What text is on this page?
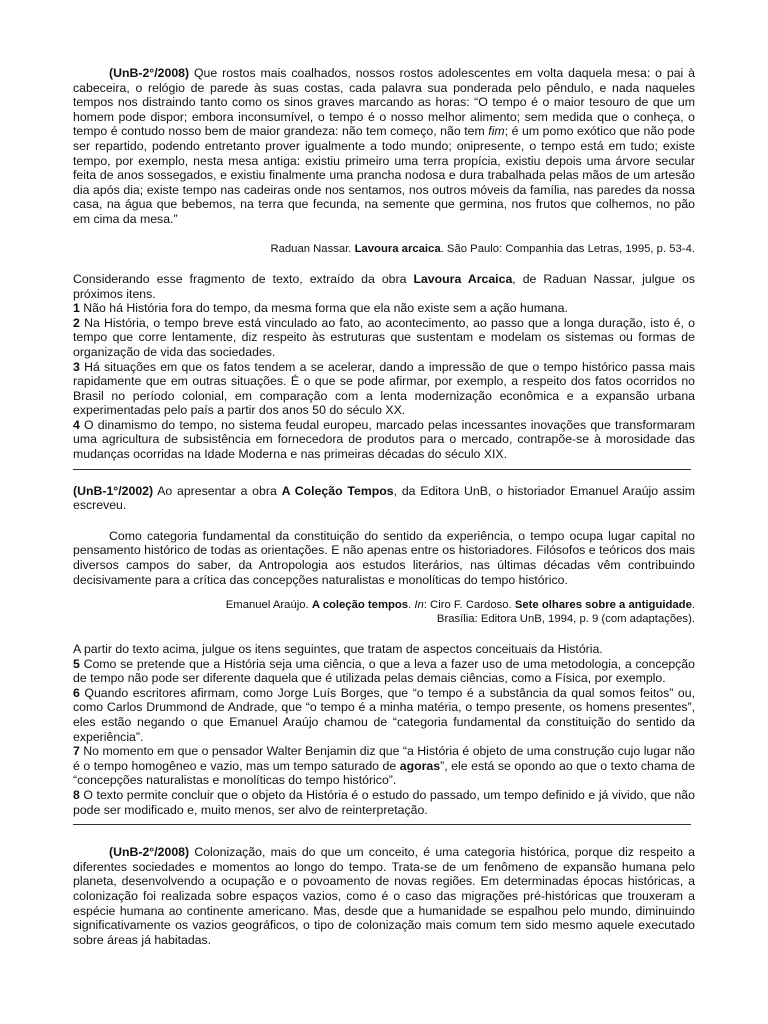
(UnB-2°/2008) Que rostos mais coalhados, nossos rostos adolescentes em volta daquela mesa: o pai à cabeceira, o relógio de parede às suas costas, cada palavra sua ponderada pelo pêndulo, e nada naqueles tempos nos distraindo tanto como os sinos graves marcando as horas: “O tempo é o maior tesouro de que um homem pode dispor; embora inconsumível, o tempo é o nosso melhor alimento; sem medida que o conheça, o tempo é contudo nosso bem de maior grandeza: não tem começo, não tem fim; é um pomo exótico que não pode ser repartido, podendo entretanto prover igualmente a todo mundo; onipresente, o tempo está em tudo; existe tempo, por exemplo, nesta mesa antiga: existiu primeiro uma terra propícia, existiu depois uma árvore secular feita de anos sossegados, e existiu finalmente uma prancha nodosa e dura trabalhada pelas mãos de um artesão dia após dia; existe tempo nas cadeiras onde nos sentamos, nos outros móveis da família, nas paredes da nossa casa, na água que bebemos, na terra que fecunda, na semente que germina, nos frutos que colhemos, no pão em cima da mesa.”

Raduan Nassar. Lavoura arcaica. São Paulo: Companhia das Letras, 1995, p. 53-4.

Considerando esse fragmento de texto, extraído da obra Lavoura Arcaica, de Raduan Nassar, julgue os próximos itens.

1 Não há História fora do tempo, da mesma forma que ela não existe sem a ação humana.

2 Na História, o tempo breve está vinculado ao fato, ao acontecimento, ao passo que a longa duração, isto é, o tempo que corre lentamente, diz respeito às estruturas que sustentam e modelam os sistemas ou formas de organização de vida das sociedades.

3 Há situações em que os fatos tendem a se acelerar, dando a impressão de que o tempo histórico passa mais rapidamente que em outras situações. É o que se pode afirmar, por exemplo, a respeito dos fatos ocorridos no Brasil no período colonial, em comparação com a lenta modernização econômica e a expansão urbana experimentadas pelo país a partir dos anos 50 do século XX.

4 O dinamismo do tempo, no sistema feudal europeu, marcado pelas incessantes inovações que transformaram uma agricultura de subsistência em fornecedora de produtos para o mercado, contrapõe-se à morosidade das mudanças ocorridas na Idade Moderna e nas primeiras décadas do século XIX.

(UnB-1°/2002) Ao apresentar a obra A Coleção Tempos, da Editora UnB, o historiador Emanuel Araújo assim escreveu.

Como categoria fundamental da constituição do sentido da experiência, o tempo ocupa lugar capital no pensamento histórico de todas as orientações. E não apenas entre os historiadores. Filósofos e teóricos dos mais diversos campos do saber, da Antropologia aos estudos literários, nas últimas décadas vêm contribuindo decisivamente para a crítica das concepções naturalistas e monolíticas do tempo histórico.

Emanuel Araújo. A coleção tempos. In: Ciro F. Cardoso. Sete olhares sobre a antiguidade.

Brasília: Editora UnB, 1994, p. 9 (com adaptações).

A partir do texto acima, julgue os itens seguintes, que tratam de aspectos conceituais da História.

5 Como se pretende que a História seja uma ciência, o que a leva a fazer uso de uma metodologia, a concepção de tempo não pode ser diferente daquela que é utilizada pelas demais ciências, como a Física, por exemplo.

6 Quando escritores afirmam, como Jorge Luís Borges, que “o tempo é a substância da qual somos feitos” ou, como Carlos Drummond de Andrade, que “o tempo é a minha matéria, o tempo presente, os homens presentes”, eles estão negando o que Emanuel Araújo chamou de “categoria fundamental da constituição do sentido da experiência”.

7 No momento em que o pensador Walter Benjamin diz que “a História é objeto de uma construção cujo lugar não é o tempo homogêneo e vazio, mas um tempo saturado de agoras”, ele está se opondo ao que o texto chama de “concepções naturalistas e monolíticas do tempo histórico”.

8 O texto permite concluir que o objeto da História é o estudo do passado, um tempo definido e já vivido, que não pode ser modificado e, muito menos, ser alvo de reinterpretação.

(UnB-2°/2008) Colonização, mais do que um conceito, é uma categoria histórica, porque diz respeito a diferentes sociedades e momentos ao longo do tempo. Trata-se de um fenômeno de expansão humana pelo planeta, desenvolvendo a ocupação e o povoamento de novas regiões. Em determinadas épocas históricas, a colonização foi realizada sobre espaços vazios, como é o caso das migrações pré-históricas que trouxeram a espécie humana ao continente americano. Mas, desde que a humanidade se espalhou pelo mundo, diminuindo significativamente os vazios geográficos, o tipo de colonização mais comum tem sido mesmo aquele executado sobre áreas já habitadas.
